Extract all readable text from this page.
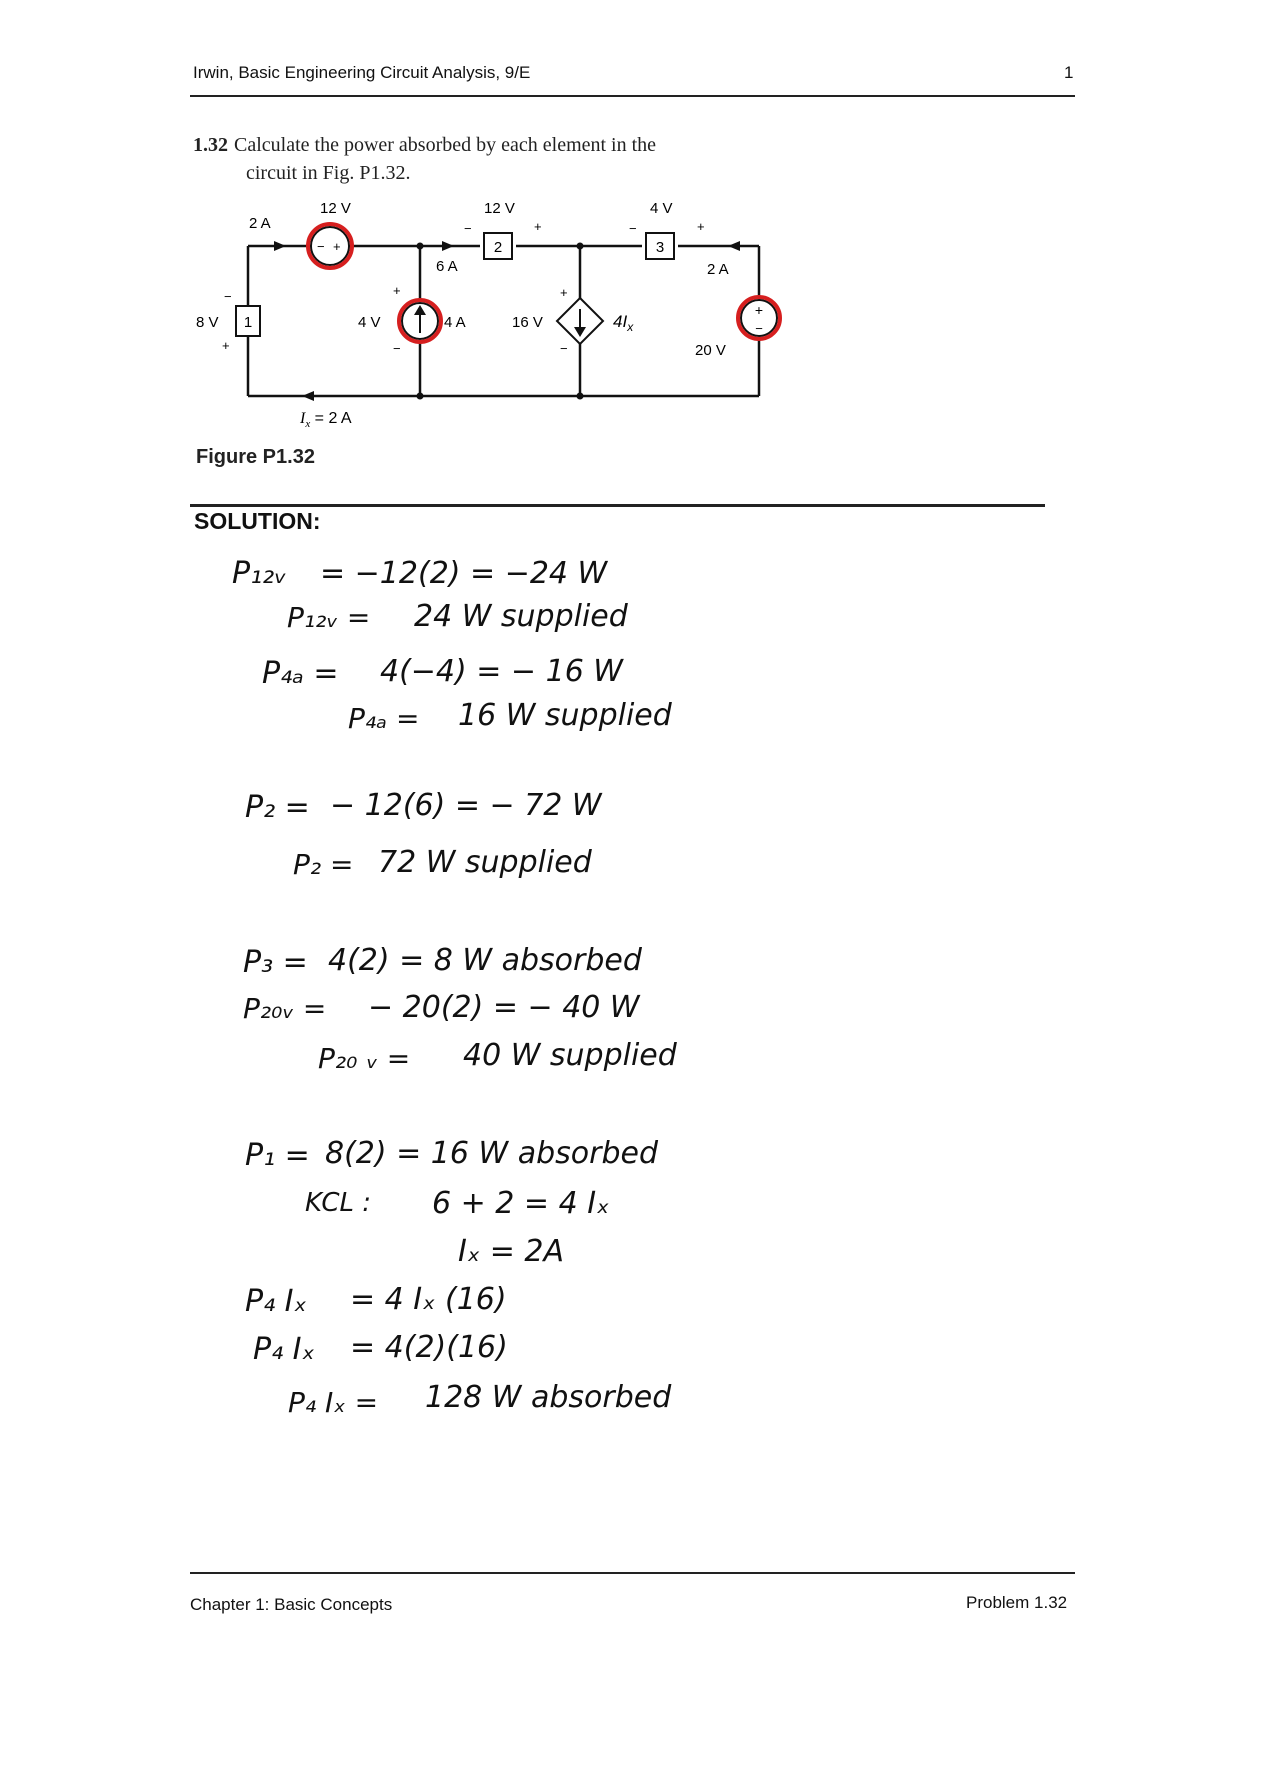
Irwin, Basic Engineering Circuit Analysis, 9/E	1
1.32 Calculate the power absorbed by each element in the
circuit in Fig. P1.32.
1
8 V
−
+
− +
12 V
2 A
2
12 V
−	+
6 A
3
4 V
−	+
2 A
4 V
+
−
4 A	16 V
+
−
$4I_x$
+
−
20 V
$I_x = 2$ A
Figure P1.32
SOLUTION:
P₁₂ᵥ = −12(2) = −24 W
P₁₂ᵥ = 24 W supplied
P₄ₐ = 4(−4) = − 16 W
P₄ₐ = 16 W supplied
P₂ = − 12(6) = − 72 W
P₂ = 72 W supplied
P₃ = 4(2) = 8 W absorbed
P₂₀ᵥ = − 20(2) = − 40 W
P₂₀ ᵥ = 40 W supplied
P₁ = 8(2) = 16 W absorbed
KCL : 6 + 2 = 4 Iₓ
Iₓ = 2A
P₄ Iₓ = 4 Iₓ (16)
P₄ Iₓ = 4(2)(16)
P₄ Iₓ = 128 W absorbed
Chapter 1: Basic Concepts	Problem 1.32
